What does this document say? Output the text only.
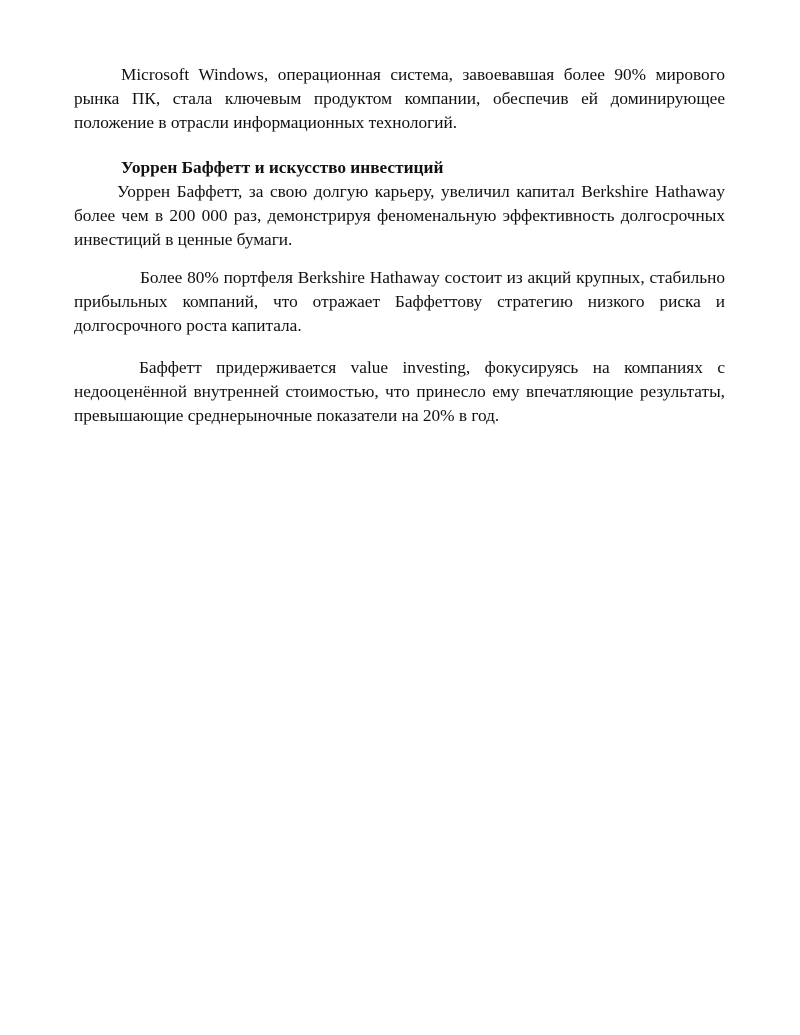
Microsoft Windows, операционная система, завоевавшая более 90% мирового рынка ПК, стала ключевым продуктом компании, обеспечив ей доминирующее положение в отрасли информационных технологий.

Уоррен Баффетт и искусство инвестиций

Уоррен Баффетт, за свою долгую карьеру, увеличил капитал Berkshire Hathaway более чем в 200 000 раз, демонстрируя феноменальную эффективность долгосрочных инвестиций в ценные бумаги.

Более 80% портфеля Berkshire Hathaway состоит из акций крупных, стабильно прибыльных компаний, что отражает Баффеттову стратегию низкого риска и долгосрочного роста капитала.

Баффетт придерживается value investing, фокусируясь на компаниях с недооценённой внутренней стоимостью, что принесло ему впечатляющие результаты, превышающие среднерыночные показатели на 20% в год.
